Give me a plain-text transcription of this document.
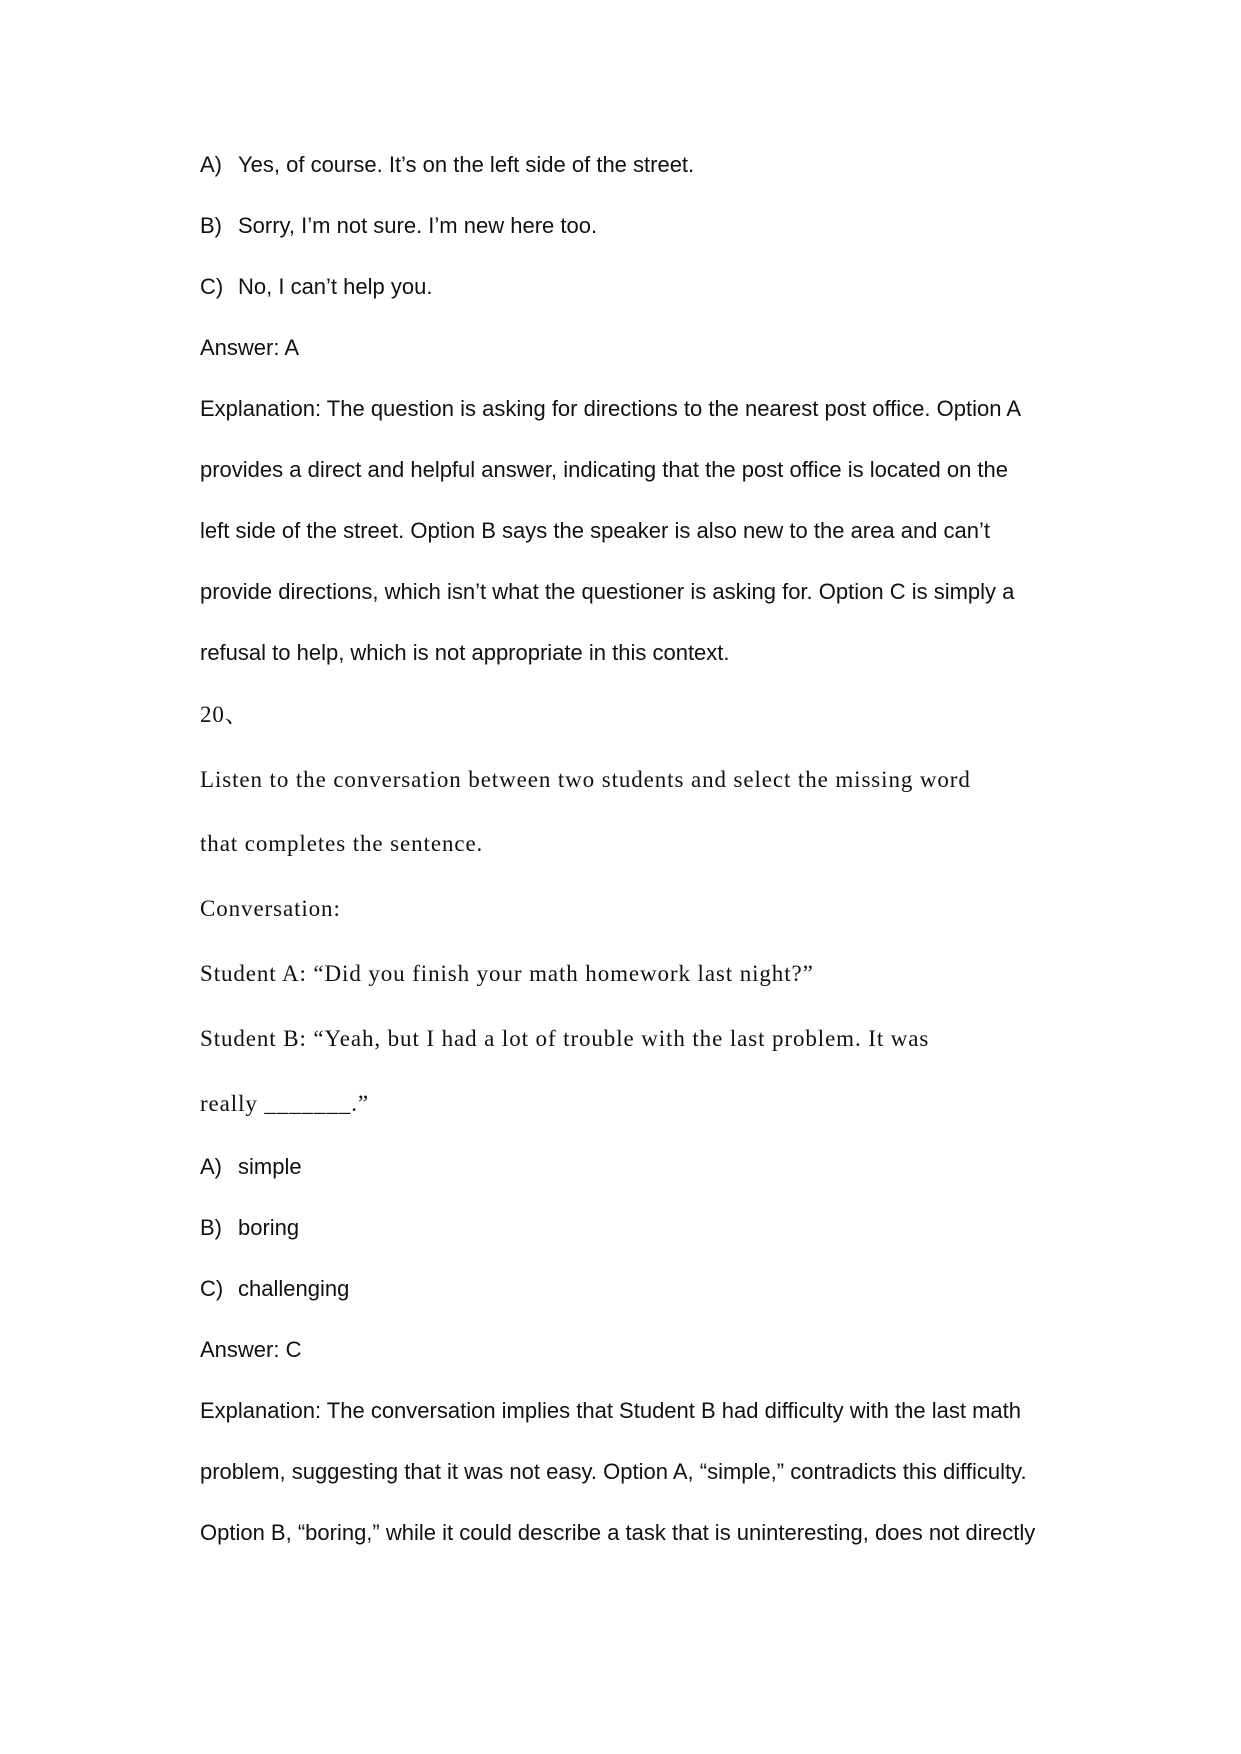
A) Yes, of course. It’s on the left side of the street.
B) Sorry, I’m not sure. I’m new here too.
C) No, I can’t help you.
Answer: A
Explanation: The question is asking for directions to the nearest post office. Option A
provides a direct and helpful answer, indicating that the post office is located on the
left side of the street. Option B says the speaker is also new to the area and can’t
provide directions, which isn’t what the questioner is asking for. Option C is simply a
refusal to help, which is not appropriate in this context.
20、
Listen to the conversation between two students and select the missing word
that completes the sentence.
Conversation:
Student A: “Did you finish your math homework last night?”
Student B: “Yeah, but I had a lot of trouble with the last problem. It was
really _______.”
A) simple
B) boring
C) challenging
Answer: C
Explanation: The conversation implies that Student B had difficulty with the last math
problem, suggesting that it was not easy. Option A, “simple,” contradicts this difficulty.
Option B, “boring,” while it could describe a task that is uninteresting, does not directly
